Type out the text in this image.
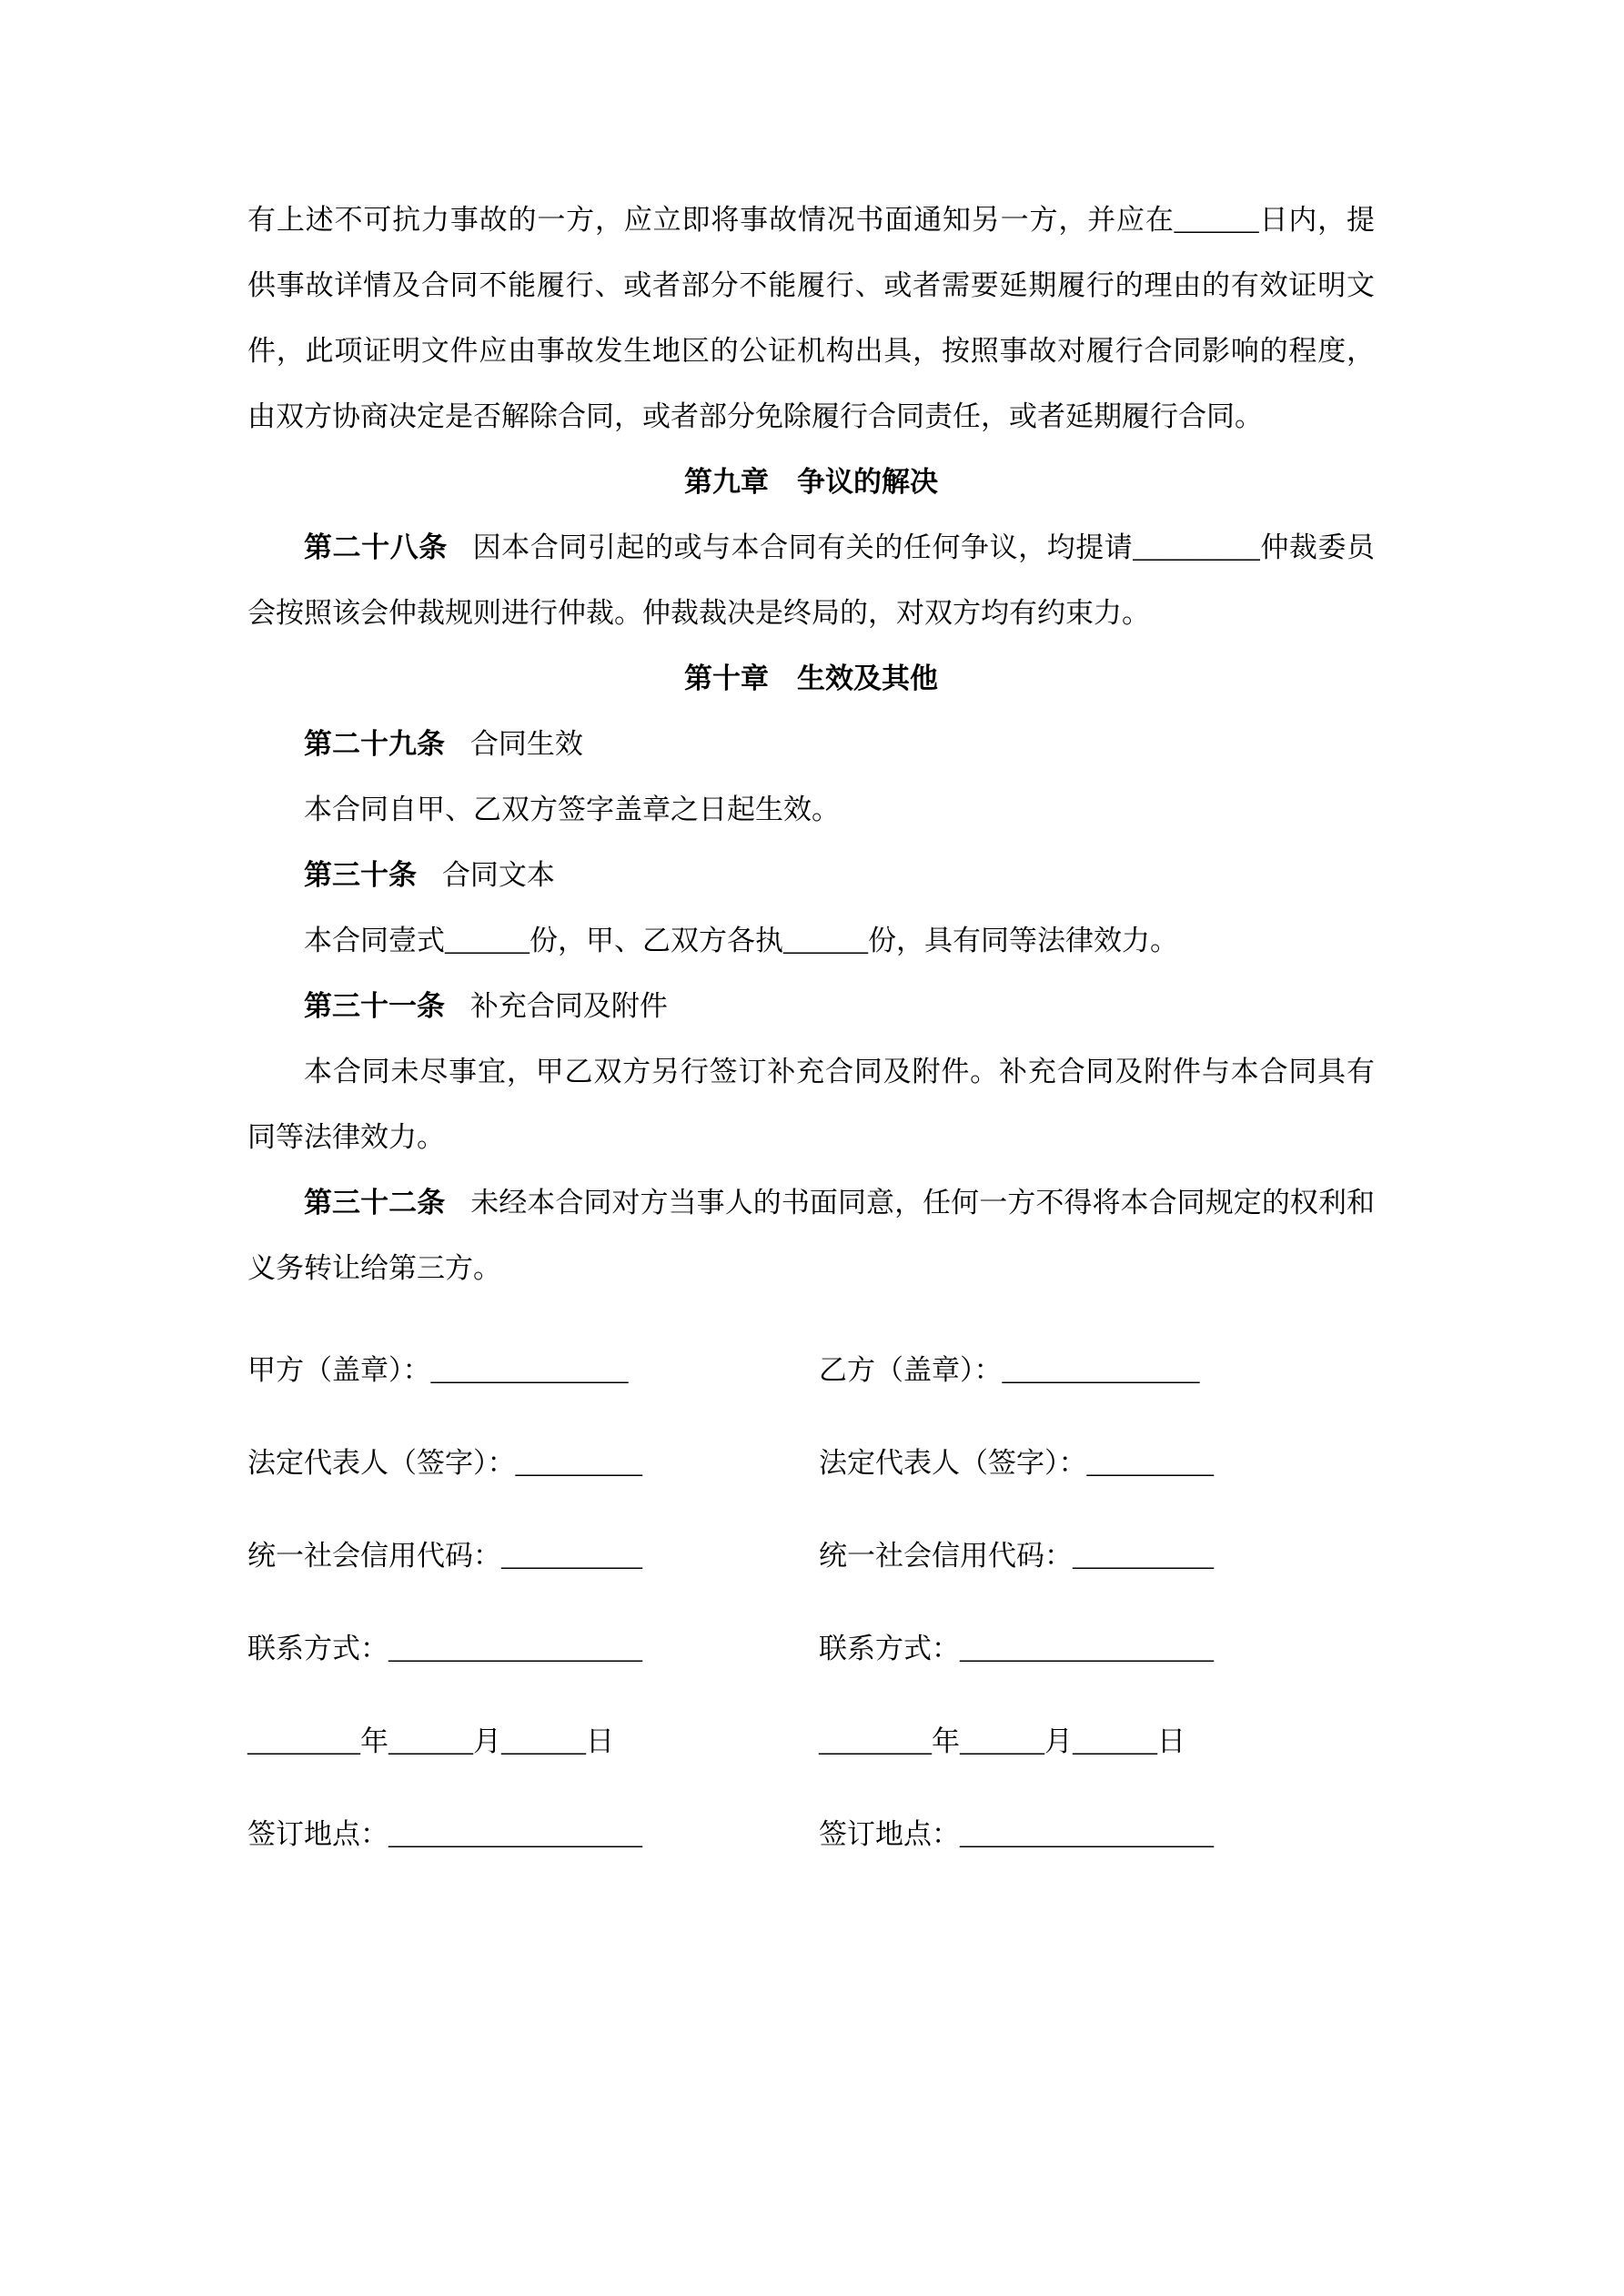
有上述不可抗力事故的一方，应立即将事故情况书面通知另一方，并应在______日内，提供事故详情及合同不能履行、或者部分不能履行、或者需要延期履行的理由的有效证明文件，此项证明文件应由事故发生地区的公证机构出具，按照事故对履行合同影响的程度，由双方协商决定是否解除合同，或者部分免除履行合同责任，或者延期履行合同。

第九章　争议的解决

第二十八条 因本合同引起的或与本合同有关的任何争议，均提请_________仲裁委员会按照该会仲裁规则进行仲裁。仲裁裁决是终局的，对双方均有约束力。

第十章　生效及其他

第二十九条 合同生效

本合同自甲、乙双方签字盖章之日起生效。

第三十条 合同文本

本合同壹式______份，甲、乙双方各执______份，具有同等法律效力。

第三十一条 补充合同及附件

本合同未尽事宜，甲乙双方另行签订补充合同及附件。补充合同及附件与本合同具有同等法律效力。

第三十二条 未经本合同对方当事人的书面同意，任何一方不得将本合同规定的权利和义务转让给第三方。

甲方（盖章）：______________

法定代表人（签字）：_________

统一社会信用代码：__________

联系方式：__________________

________年______月______日

签订地点：__________________

乙方（盖章）：______________

法定代表人（签字）：_________

统一社会信用代码：__________

联系方式：__________________

________年______月______日

签订地点：__________________
